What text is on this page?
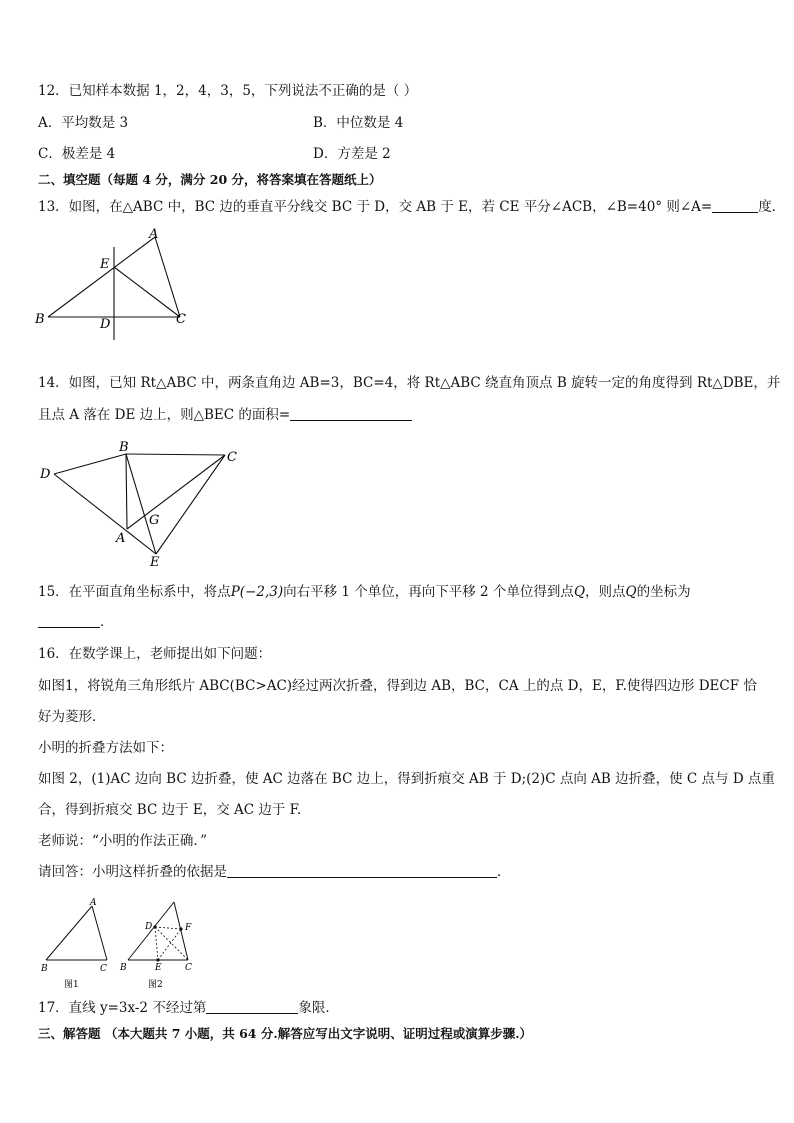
12．已知样本数据 1，2，4，3，5，下列说法不正确的是（ ）
A．平均数是 3	B．中位数是 4
C．极差是 4	D．方差是 2
二、填空题（每题 4 分，满分 20 分，将答案填在答题纸上）
13．如图，在△ABC 中，BC 边的垂直平分线交 BC 于 D，交 AB 于 E，若 CE 平分∠ACB，∠B=40° 则∠A=	度．
A
B	C
D
E
14．如图，已知 Rt△ABC 中，两条直角边 AB=3，BC=4，将 Rt△ABC 绕直角顶点 B 旋转一定的角度得到 Rt△DBE，并
且点 A 落在 DE 边上，则△BEC 的面积=
B
C
D
A
G
E
15．在平面直角坐标系中，将点P(−2,3)向右平移 1 个单位，再向下平移 2 个单位得到点Q，则点Q的坐标为
．
16．在数学课上，老师提出如下问题：
如图1，将锐角三角形纸片 ABC(BC>AC)经过两次折叠，得到边 AB，BC，CA 上的点 D，E，F.使得四边形 DECF 恰
好为菱形．
小明的折叠方法如下：
如图 2，(1)AC 边向 BC 边折叠，使 AC 边落在 BC 边上，得到折痕交 AB 于 D;(2)C 点向 AB 边折叠，使 C 点与 D 点重
合，得到折痕交 BC 边于 E，交 AC 边于 F.
老师说：“小明的作法正确．”
请回答：小明这样折叠的依据是	．
A
B	C
图1
D	F
B	E	C
图2
17．直线 y=3x-2 不经过第	象限．
三、解答题 （本大题共 7 小题，共 64 分.解答应写出文字说明、证明过程或演算步骤.）
